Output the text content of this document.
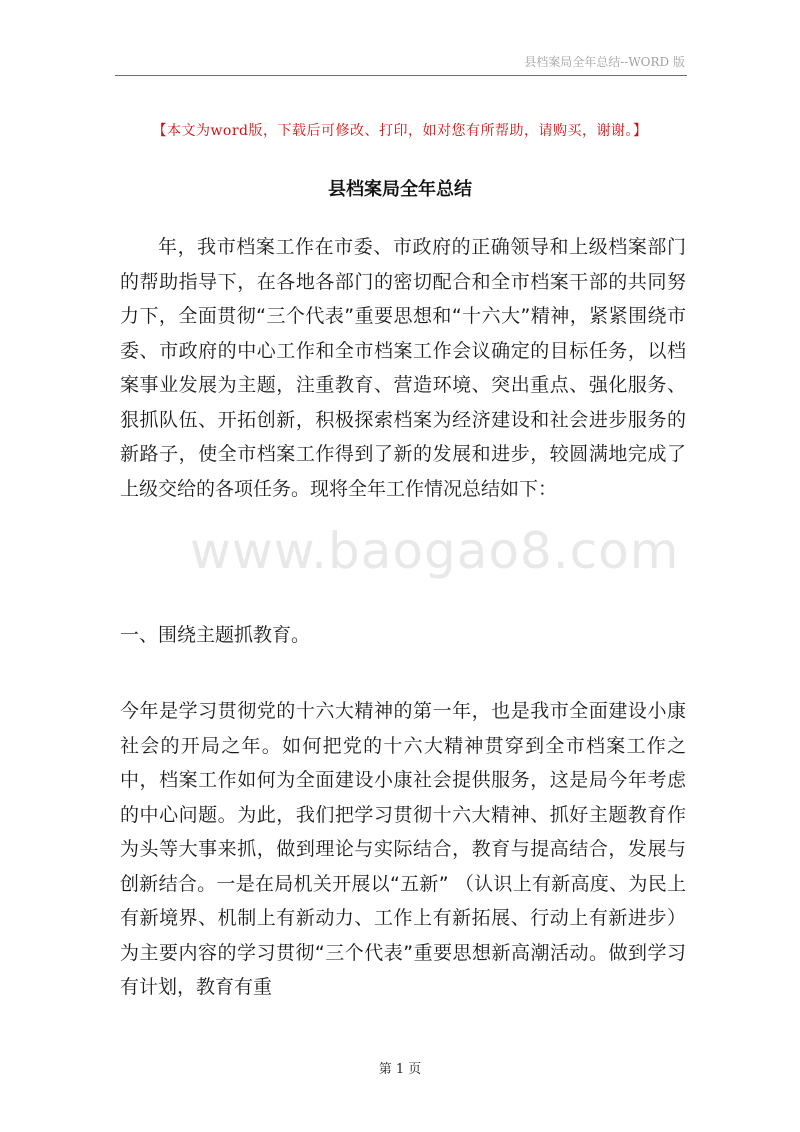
县档案局全年总结--WORD 版
【本文为word版，下载后可修改、打印，如对您有所帮助，请购买，谢谢。】
县档案局全年总结

年，我市档案工作在市委、市政府的正确领导和上级档案部门的帮助指导下，在各地各部门的密切配合和全市档案干部的共同努力下，全面贯彻“三个代表”重要思想和“十六大”精神，紧紧围绕市委、市政府的中心工作和全市档案工作会议确定的目标任务，以档案事业发展为主题，注重教育、营造环境、突出重点、强化服务、狠抓队伍、开拓创新，积极探索档案为经济建设和社会进步服务的新路子，使全市档案工作得到了新的发展和进步，较圆满地完成了上级交给的各项任务。现将全年工作情况总结如下：

www.baogao8.com
一、围绕主题抓教育。

今年是学习贯彻党的十六大精神的第一年，也是我市全面建设小康社会的开局之年。如何把党的十六大精神贯穿到全市档案工作之中，档案工作如何为全面建设小康社会提供服务，这是局今年考虑的中心问题。为此，我们把学习贯彻十六大精神、抓好主题教育作为头等大事来抓，做到理论与实际结合，教育与提高结合，发展与创新结合。一是在局机关开展以“五新” （认识上有新高度、为民上有新境界、机制上有新动力、工作上有新拓展、行动上有新进步）为主要内容的学习贯彻“三个代表”重要思想新高潮活动。做到学习有计划，教育有重

第 1 页
